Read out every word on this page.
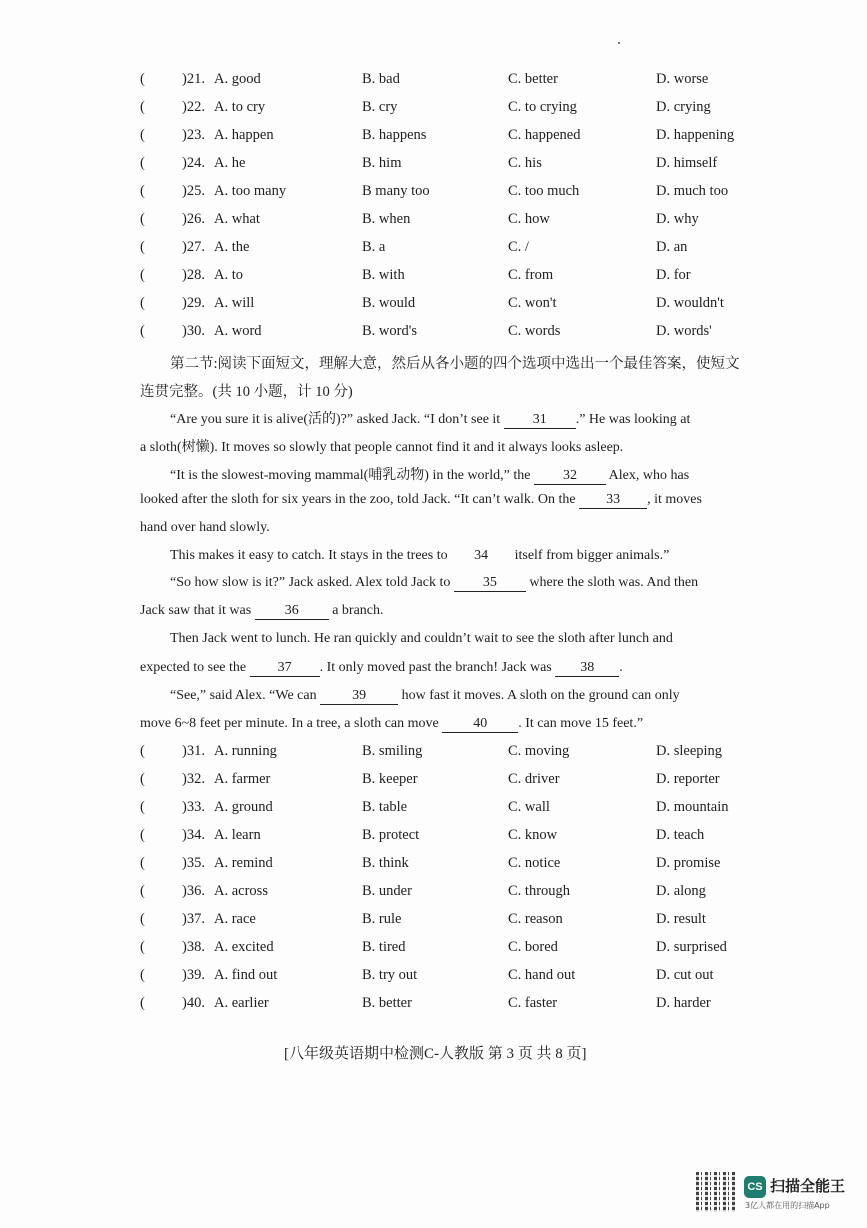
(	)21. A. good	B. bad	C. better	D. worse
(	)22. A. to cry	B. cry	C. to crying	D. crying
(	)23. A. happen	B. happens	C. happened	D. happening
(	)24. A. he	B. him	C. his	D. himself
(	)25. A. too many	B many too	C. too much	D. much too
(	)26. A. what	B. when	C. how	D. why
(	)27. A. the	B. a	C. /	D. an
(	)28. A. to	B. with	C. from	D. for
(	)29. A. will	B. would	C. won't	D. wouldn't
(	)30. A. word	B. word's	C. words	D. words'
第二节:阅读下面短文，理解大意，然后从各小题的四个选项中选出一个最佳答案，使短文
连贯完整。(共 10 小题，计 10 分)
“Are you sure it is alive(活的)?” asked Jack. “I don’t see it 31 .” He was looking at
a sloth(树懒). It moves so slowly that people cannot find it and it always looks asleep.
“It is the slowest-moving mammal(哺乳动物) in the world,” the 32 Alex, who has
looked after the sloth for six years in the zoo, told Jack. “It can’t walk. On the 33 , it moves
hand over hand slowly.
This makes it easy to catch. It stays in the trees to 34 itself from bigger animals.”
“So how slow is it?” Jack asked. Alex told Jack to 35 where the sloth was. And then
Jack saw that it was 36 a branch.
Then Jack went to lunch. He ran quickly and couldn’t wait to see the sloth after lunch and
expected to see the 37 . It only moved past the branch! Jack was 38 .
“See,” said Alex. “We can	39	how fast it moves. A sloth on the ground can only
move 6~8 feet per minute. In a tree, a sloth can move 40 . It can move 15 feet.”
(	)31. A. running	B. smiling	C. moving	D. sleeping
(	)32. A. farmer	B. keeper	C. driver	D. reporter
(	)33. A. ground	B. table	C. wall	D. mountain
(	)34. A. learn	B. protect	C. know	D. teach
(	)35. A. remind	B. think	C. notice	D. promise
(	)36. A. across	B. under	C. through	D. along
(	)37. A. race	B. rule	C. reason	D. result
(	)38. A. excited	B. tired	C. bored	D. surprised
(	)39. A. find out	B. try out	C. hand out	D. cut out
(	)40. A. earlier	B. better	C. faster	D. harder
[八年级英语期中检测C-人教版 第 3 页 共 8 页]
CS 扫描全能王
3亿人都在用的扫描App
